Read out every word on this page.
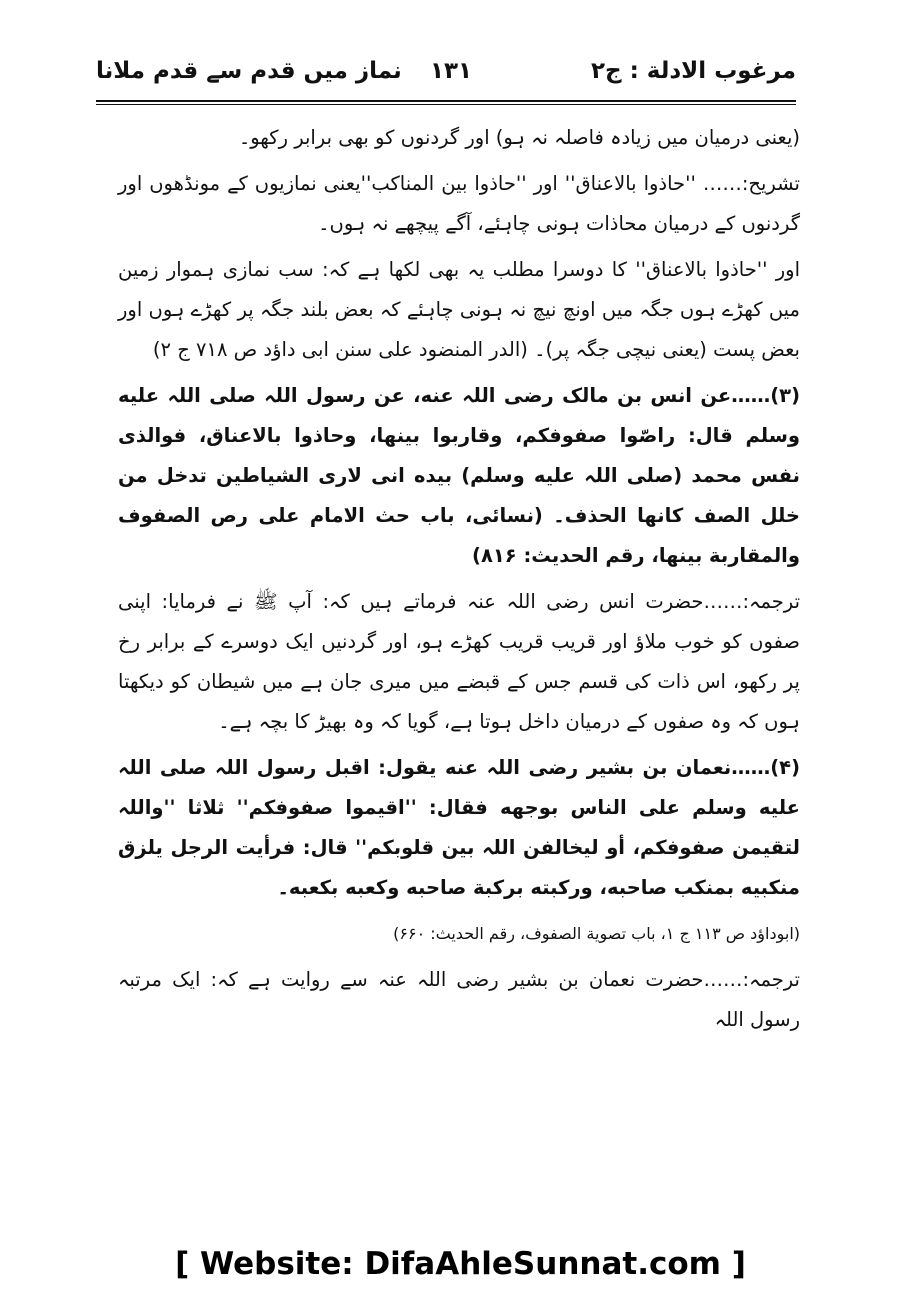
نماز میں قدم سے قدم ملانا ۱۳۱	مرغوب الادلة : ج۲

(یعنی درمیان میں زیادہ فاصلہ نہ ہو) اور گردنوں کو بھی برابر رکھو۔

تشریح:…… ''حاذوا بالاعناق'' اور ''حاذوا بین المناکب''یعنی نمازیوں کے مونڈھوں اور گردنوں کے درمیان محاذات ہونی چاہئے، آگے پیچھے نہ ہوں۔

اور ''حاذوا بالاعناق'' کا دوسرا مطلب یہ بھی لکھا ہے کہ: سب نمازی ہموار زمین میں کھڑے ہوں جگہ میں اونچ نیچ نہ ہونی چاہئے کہ بعض بلند جگہ پر کھڑے ہوں اور بعض پست (یعنی نیچی جگہ پر)۔ (الدر المنضود علی سنن ابی داؤد ص ۷۱۸ ج ۲)

(۳)……عن انس بن مالک رضی اللہ عنه، عن رسول اللہ صلی اللہ علیه وسلم قال: راصّوا صفوفکم، وقاربوا بینها، وحاذوا بالاعناق، فوالذی نفس محمد (صلی اللہ علیه وسلم) بیده انی لاری الشیاطین تدخل من خلل الصف کانها الحذف۔ (نسائی، باب حث الامام علی رص الصفوف والمقاربة بینها، رقم الحدیث: ۸۱۶)

ترجمہ:……حضرت انس رضی اللہ عنہ فرماتے ہیں کہ: آپ ﷺ نے فرمایا: اپنی صفوں کو خوب ملاؤ اور قریب قریب کھڑے ہو، اور گردنیں ایک دوسرے کے برابر رخ پر رکھو، اس ذات کی قسم جس کے قبضے میں میری جان ہے میں شیطان کو دیکھتا ہوں کہ وہ صفوں کے درمیان داخل ہوتا ہے، گویا کہ وہ بھیڑ کا بچہ ہے۔

(۴)……نعمان بن بشیر رضی اللہ عنه یقول: اقبل رسول اللہ صلی اللہ علیه وسلم علی الناس بوجهه فقال: ''اقیموا صفوفکم'' ثلاثا ''واللہ لتقیمن صفوفکم، أو لیخالفن اللہ بین قلوبکم'' قال: فرأیت الرجل یلزق منکبیه بمنکب صاحبه، ورکبته برکبة صاحبه وکعبه بکعبه۔

(ابوداؤد ص ۱۱۳ ج ۱، باب تصویة الصفوف، رقم الحدیث: ۶۶۰)

ترجمہ:……حضرت نعمان بن بشیر رضی اللہ عنہ سے روایت ہے کہ: ایک مرتبہ رسول اللہ

[ Website: DifaAhleSunnat.com ]
